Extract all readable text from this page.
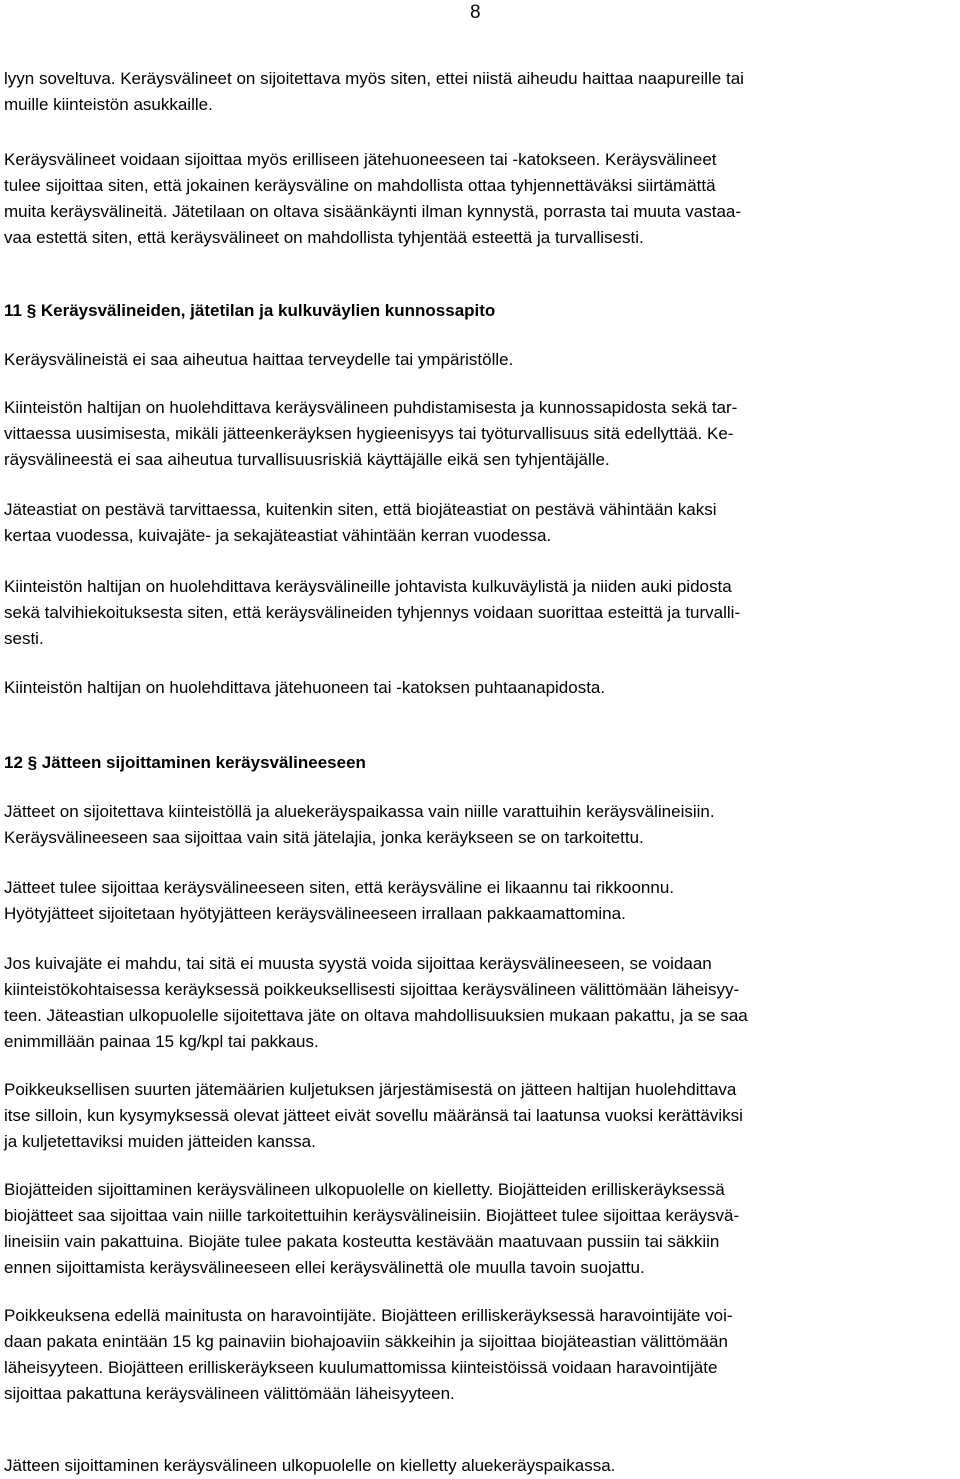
8
lyyn soveltuva. Keräysvälineet on sijoitettava myös siten, ettei niistä aiheudu haittaa naapureille tai
muille kiinteistön asukkaille.
Keräysvälineet voidaan sijoittaa myös erilliseen jätehuoneeseen tai -katokseen. Keräysvälineet
tulee sijoittaa siten, että jokainen keräysväline on mahdollista ottaa tyhjennettäväksi siirtämättä
muita keräysvälineitä. Jätetilaan on oltava sisäänkäynti ilman kynnystä, porrasta tai muuta vastaa-
vaa estettä siten, että keräysvälineet on mahdollista tyhjentää esteettä ja turvallisesti.
11 § Keräysvälineiden, jätetilan ja kulkuväylien kunnossapito
Keräysvälineistä ei saa aiheutua haittaa terveydelle tai ympäristölle.
Kiinteistön haltijan on huolehdittava keräysvälineen puhdistamisesta ja kunnossapidosta sekä tar-
vittaessa uusimisesta, mikäli jätteenkeräyksen hygieenisyys tai työturvallisuus sitä edellyttää. Ke-
räysvälineestä ei saa aiheutua turvallisuusriskiä käyttäjälle eikä sen tyhjentäjälle.
Jäteastiat on pestävä tarvittaessa, kuitenkin siten, että biojäteastiat on pestävä vähintään kaksi
kertaa vuodessa, kuivajäte- ja sekajäteastiat vähintään kerran vuodessa.
Kiinteistön haltijan on huolehdittava keräysvälineille johtavista kulkuväylistä ja niiden auki pidosta
sekä talvihiekoituksesta siten, että keräysvälineiden tyhjennys voidaan suorittaa esteittä ja turvalli-
sesti.
Kiinteistön haltijan on huolehdittava jätehuoneen tai -katoksen puhtaanapidosta.
12 § Jätteen sijoittaminen keräysvälineeseen
Jätteet on sijoitettava kiinteistöllä ja aluekeräyspaikassa vain niille varattuihin keräysvälineisiin.
Keräysvälineeseen saa sijoittaa vain sitä jätelajia, jonka keräykseen se on tarkoitettu.
Jätteet tulee sijoittaa keräysvälineeseen siten, että keräysväline ei likaannu tai rikkoonnu.
Hyötyjätteet sijoitetaan hyötyjätteen keräysvälineeseen irrallaan pakkaamattomina.
Jos kuivajäte ei mahdu, tai sitä ei muusta syystä voida sijoittaa keräysvälineeseen, se voidaan
kiinteistökohtaisessa keräyksessä poikkeuksellisesti sijoittaa keräysvälineen välittömään läheisyy-
teen. Jäteastian ulkopuolelle sijoitettava jäte on oltava mahdollisuuksien mukaan pakattu, ja se saa
enimmillään painaa 15 kg/kpl tai pakkaus.
Poikkeuksellisen suurten jätemäärien kuljetuksen järjestämisestä on jätteen haltijan huolehdittava
itse silloin, kun kysymyksessä olevat jätteet eivät sovellu määränsä tai laatunsa vuoksi kerättäviksi
ja kuljetettaviksi muiden jätteiden kanssa.
Biojätteiden sijoittaminen keräysvälineen ulkopuolelle on kielletty. Biojätteiden erilliskeräyksessä
biojätteet saa sijoittaa vain niille tarkoitettuihin keräysvälineisiin. Biojätteet tulee sijoittaa keräysvä-
lineisiin vain pakattuina. Biojäte tulee pakata kosteutta kestävään maatuvaan pussiin tai säkkiin
ennen sijoittamista keräysvälineeseen ellei keräysvälinettä ole muulla tavoin suojattu.
Poikkeuksena edellä mainitusta on haravointijäte. Biojätteen erilliskeräyksessä haravointijäte voi-
daan pakata enintään 15 kg painaviin biohajoaviin säkkeihin ja sijoittaa biojäteastian välittömään
läheisyyteen. Biojätteen erilliskeräykseen kuulumattomissa kiinteistöissä voidaan haravointijäte
sijoittaa pakattuna keräysvälineen välittömään läheisyyteen.
Jätteen sijoittaminen keräysvälineen ulkopuolelle on kielletty aluekeräyspaikassa.
